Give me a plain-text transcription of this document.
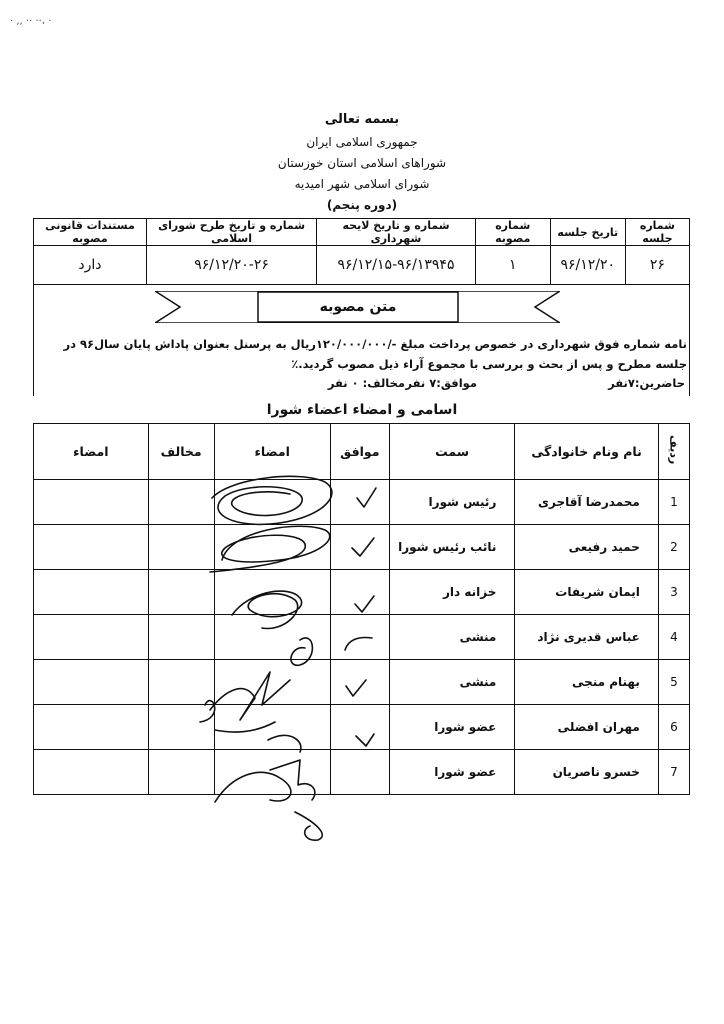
· ,, ·· ··، ·
بسمه تعالی
جمهوری اسلامی ایران
شوراهای اسلامی استان خوزستان
شورای اسلامی شهر امیدیه
(دوره پنجم)
شماره جلسه	تاریخ جلسه	شماره مصوبه	شماره و تاریخ لایحه شهرداری	شماره و تاریخ طرح شورای اسلامی	مستندات قانونی مصوبه
۲۶	۹۶/۱۲/۲۰	۱	۹۶/۱۲/۱۵-۹۶/۱۳۹۴۵	۹۶/۱۲/۲۰-۲۶	دارد
متن مصوبه
نامه شماره فوق شهرداری در خصوص پرداخت مبلغ -/۱۲۰/۰۰۰/۰۰۰ریال به پرسنل بعنوان پاداش پایان سال۹۶ در جلسه مطرح و پس از بحث و بررسی با مجموع آراء ذیل مصوب گردید.٪
حاضرین:۷نفر
موافق:۷ نفر
مخالف: ۰ نفر
اسامی و امضاء اعضاء شورا
ردیف	نام ونام خانوادگی	سمت	موافق	امضاء	مخالف	امضاء
1	محمدرضا آقاجری	رئیس شورا				
2	حمید رفیعی	نائب رئیس شورا				
3	ایمان شریفات	خزانه دار				
4	عباس قدیری نژاد	منشی				
5	بهنام منجی	منشی				
6	مهران افضلی	عضو شورا				
7	خسرو ناصریان	عضو شورا				
